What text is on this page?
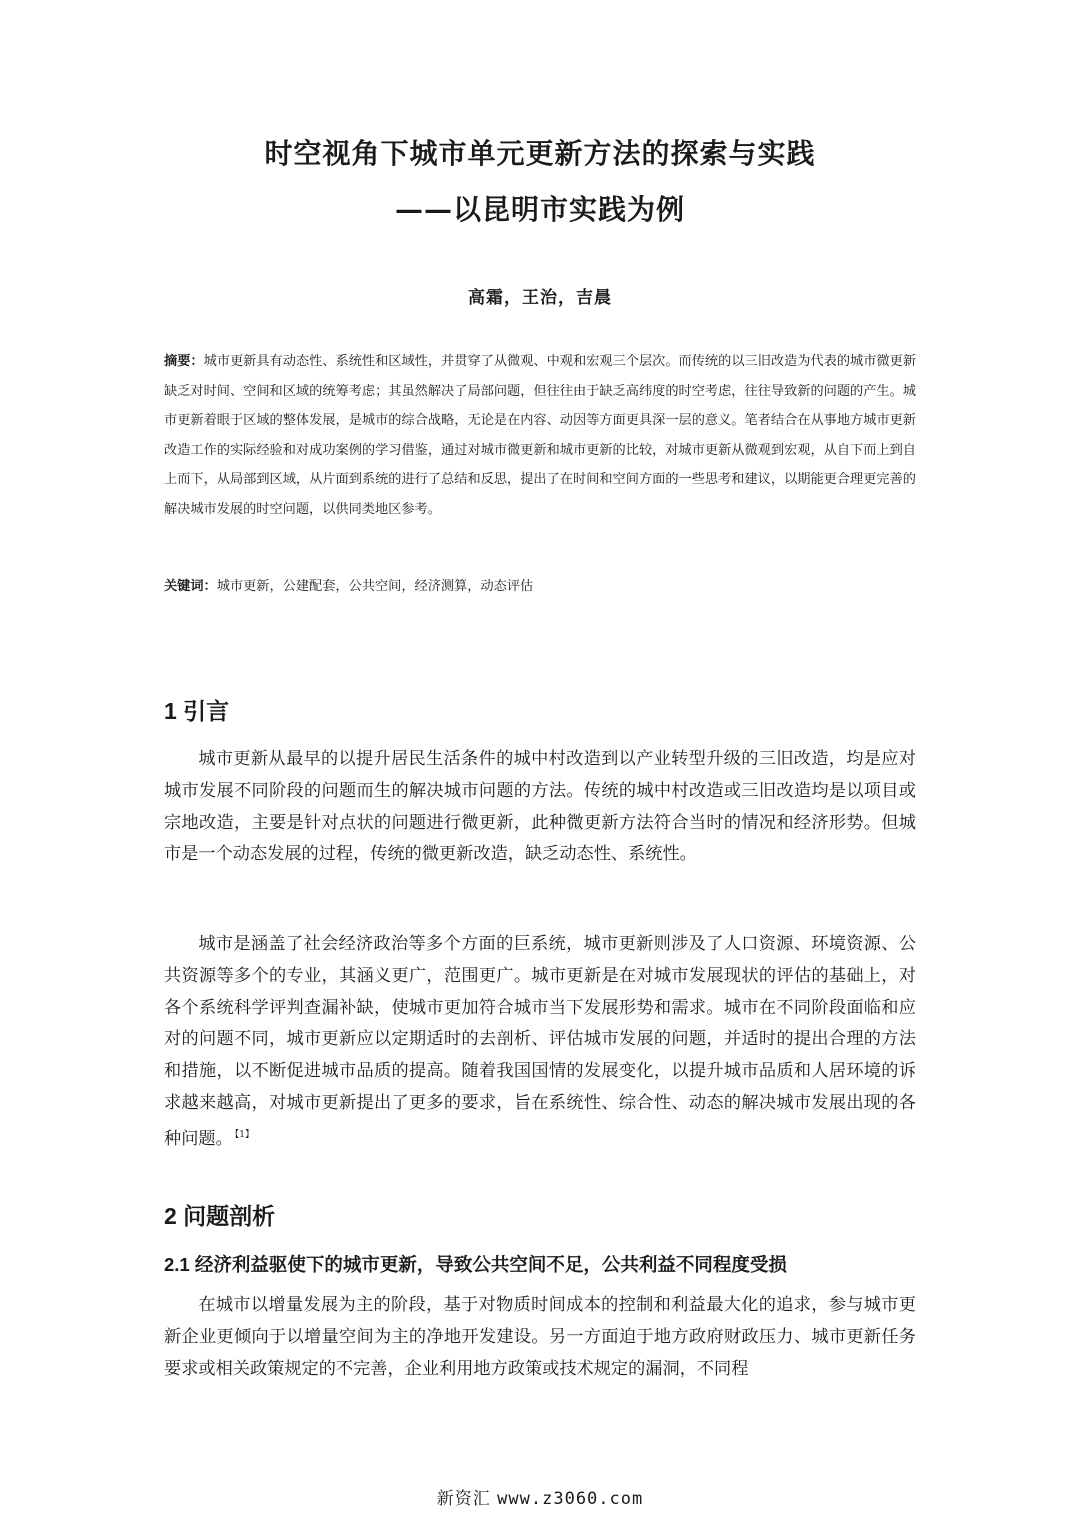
时空视角下城市单元更新方法的探索与实践
——以昆明市实践为例
高霜，王治，吉晨
摘要：城市更新具有动态性、系统性和区域性，并贯穿了从微观、中观和宏观三个层次。而传统的以三旧改造为代表的城市微更新缺乏对时间、空间和区域的统筹考虑；其虽然解决了局部问题，但往往由于缺乏高纬度的时空考虑，往往导致新的问题的产生。城市更新着眼于区域的整体发展，是城市的综合战略，无论是在内容、动因等方面更具深一层的意义。笔者结合在从事地方城市更新改造工作的实际经验和对成功案例的学习借鉴，通过对城市微更新和城市更新的比较，对城市更新从微观到宏观，从自下而上到自上而下，从局部到区域，从片面到系统的进行了总结和反思，提出了在时间和空间方面的一些思考和建议，以期能更合理更完善的解决城市发展的时空问题，以供同类地区参考。
关键词：城市更新，公建配套，公共空间，经济测算，动态评估
1 引言

城市更新从最早的以提升居民生活条件的城中村改造到以产业转型升级的三旧改造，均是应对城市发展不同阶段的问题而生的解决城市问题的方法。传统的城中村改造或三旧改造均是以项目或宗地改造，主要是针对点状的问题进行微更新，此种微更新方法符合当时的情况和经济形势。但城市是一个动态发展的过程，传统的微更新改造，缺乏动态性、系统性。

城市是涵盖了社会经济政治等多个方面的巨系统，城市更新则涉及了人口资源、环境资源、公共资源等多个的专业，其涵义更广，范围更广。城市更新是在对城市发展现状的评估的基础上，对各个系统科学评判查漏补缺，使城市更加符合城市当下发展形势和需求。城市在不同阶段面临和应对的问题不同，城市更新应以定期适时的去剖析、评估城市发展的问题，并适时的提出合理的方法和措施，以不断促进城市品质的提高。随着我国国情的发展变化，以提升城市品质和人居环境的诉求越来越高，对城市更新提出了更多的要求，旨在系统性、综合性、动态的解决城市发展出现的各种问题。 $^{【1】}$

2 问题剖析
2.1 经济利益驱使下的城市更新，导致公共空间不足，公共利益不同程度受损

在城市以增量发展为主的阶段，基于对物质时间成本的控制和利益最大化的追求，参与城市更新企业更倾向于以增量空间为主的净地开发建设。另一方面迫于地方政府财政压力、城市更新任务要求或相关政策规定的不完善，企业利用地方政策或技术规定的漏洞，不同程

新资汇 www.z3060.com
